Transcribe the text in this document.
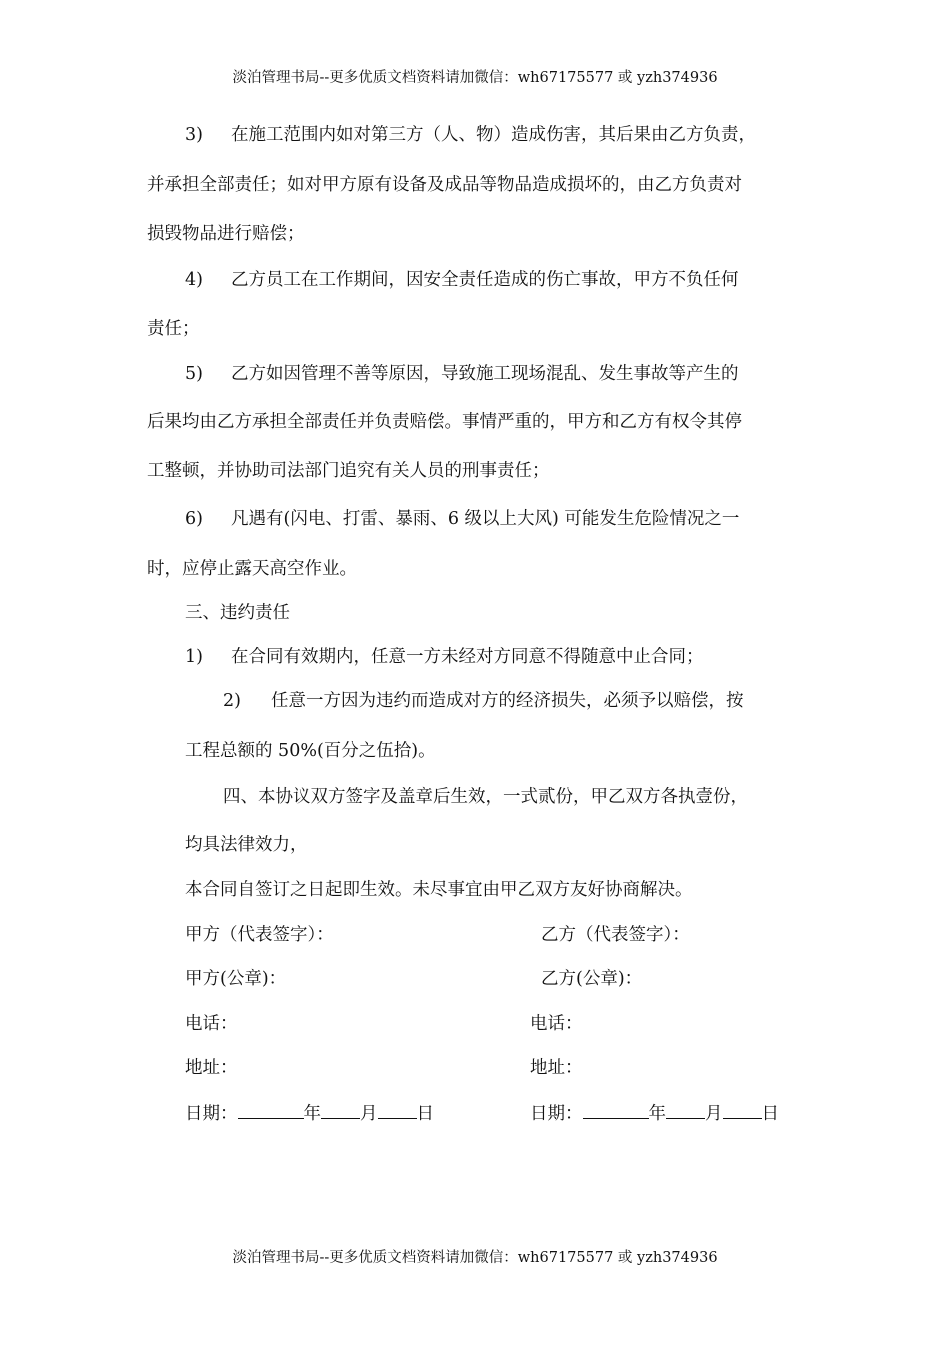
淡泊管理书局--更多优质文档资料请加微信：wh67175577 或 yzh374936
3) 在施工范围内如对第三方（人、物）造成伤害，其后果由乙方负责，
并承担全部责任；如对甲方原有设备及成品等物品造成损坏的，由乙方负责对
损毁物品进行赔偿；
4) 乙方员工在工作期间，因安全责任造成的伤亡事故，甲方不负任何
责任；
5) 乙方如因管理不善等原因，导致施工现场混乱、发生事故等产生的
后果均由乙方承担全部责任并负责赔偿。事情严重的，甲方和乙方有权令其停
工整顿，并协助司法部门追究有关人员的刑事责任；
6) 凡遇有(闪电、打雷、暴雨、6 级以上大风) 可能发生危险情况之一
时，应停止露天高空作业。
三、违约责任
1) 在合同有效期内，任意一方未经对方同意不得随意中止合同；
2) 任意一方因为违约而造成对方的经济损失，必须予以赔偿，按
工程总额的 50%(百分之伍拾)。
四、本协议双方签字及盖章后生效，一式贰份，甲乙双方各执壹份，
均具法律效力，
本合同自签订之日起即生效。未尽事宜由甲乙双方友好协商解决。
甲方（代表签字）：	乙方（代表签字）：
甲方(公章)：	乙方(公章)：
电话：	电话：
地址：	地址：
日期：	年 月 日	日期：	年 月 日
淡泊管理书局--更多优质文档资料请加微信：wh67175577 或 yzh374936
